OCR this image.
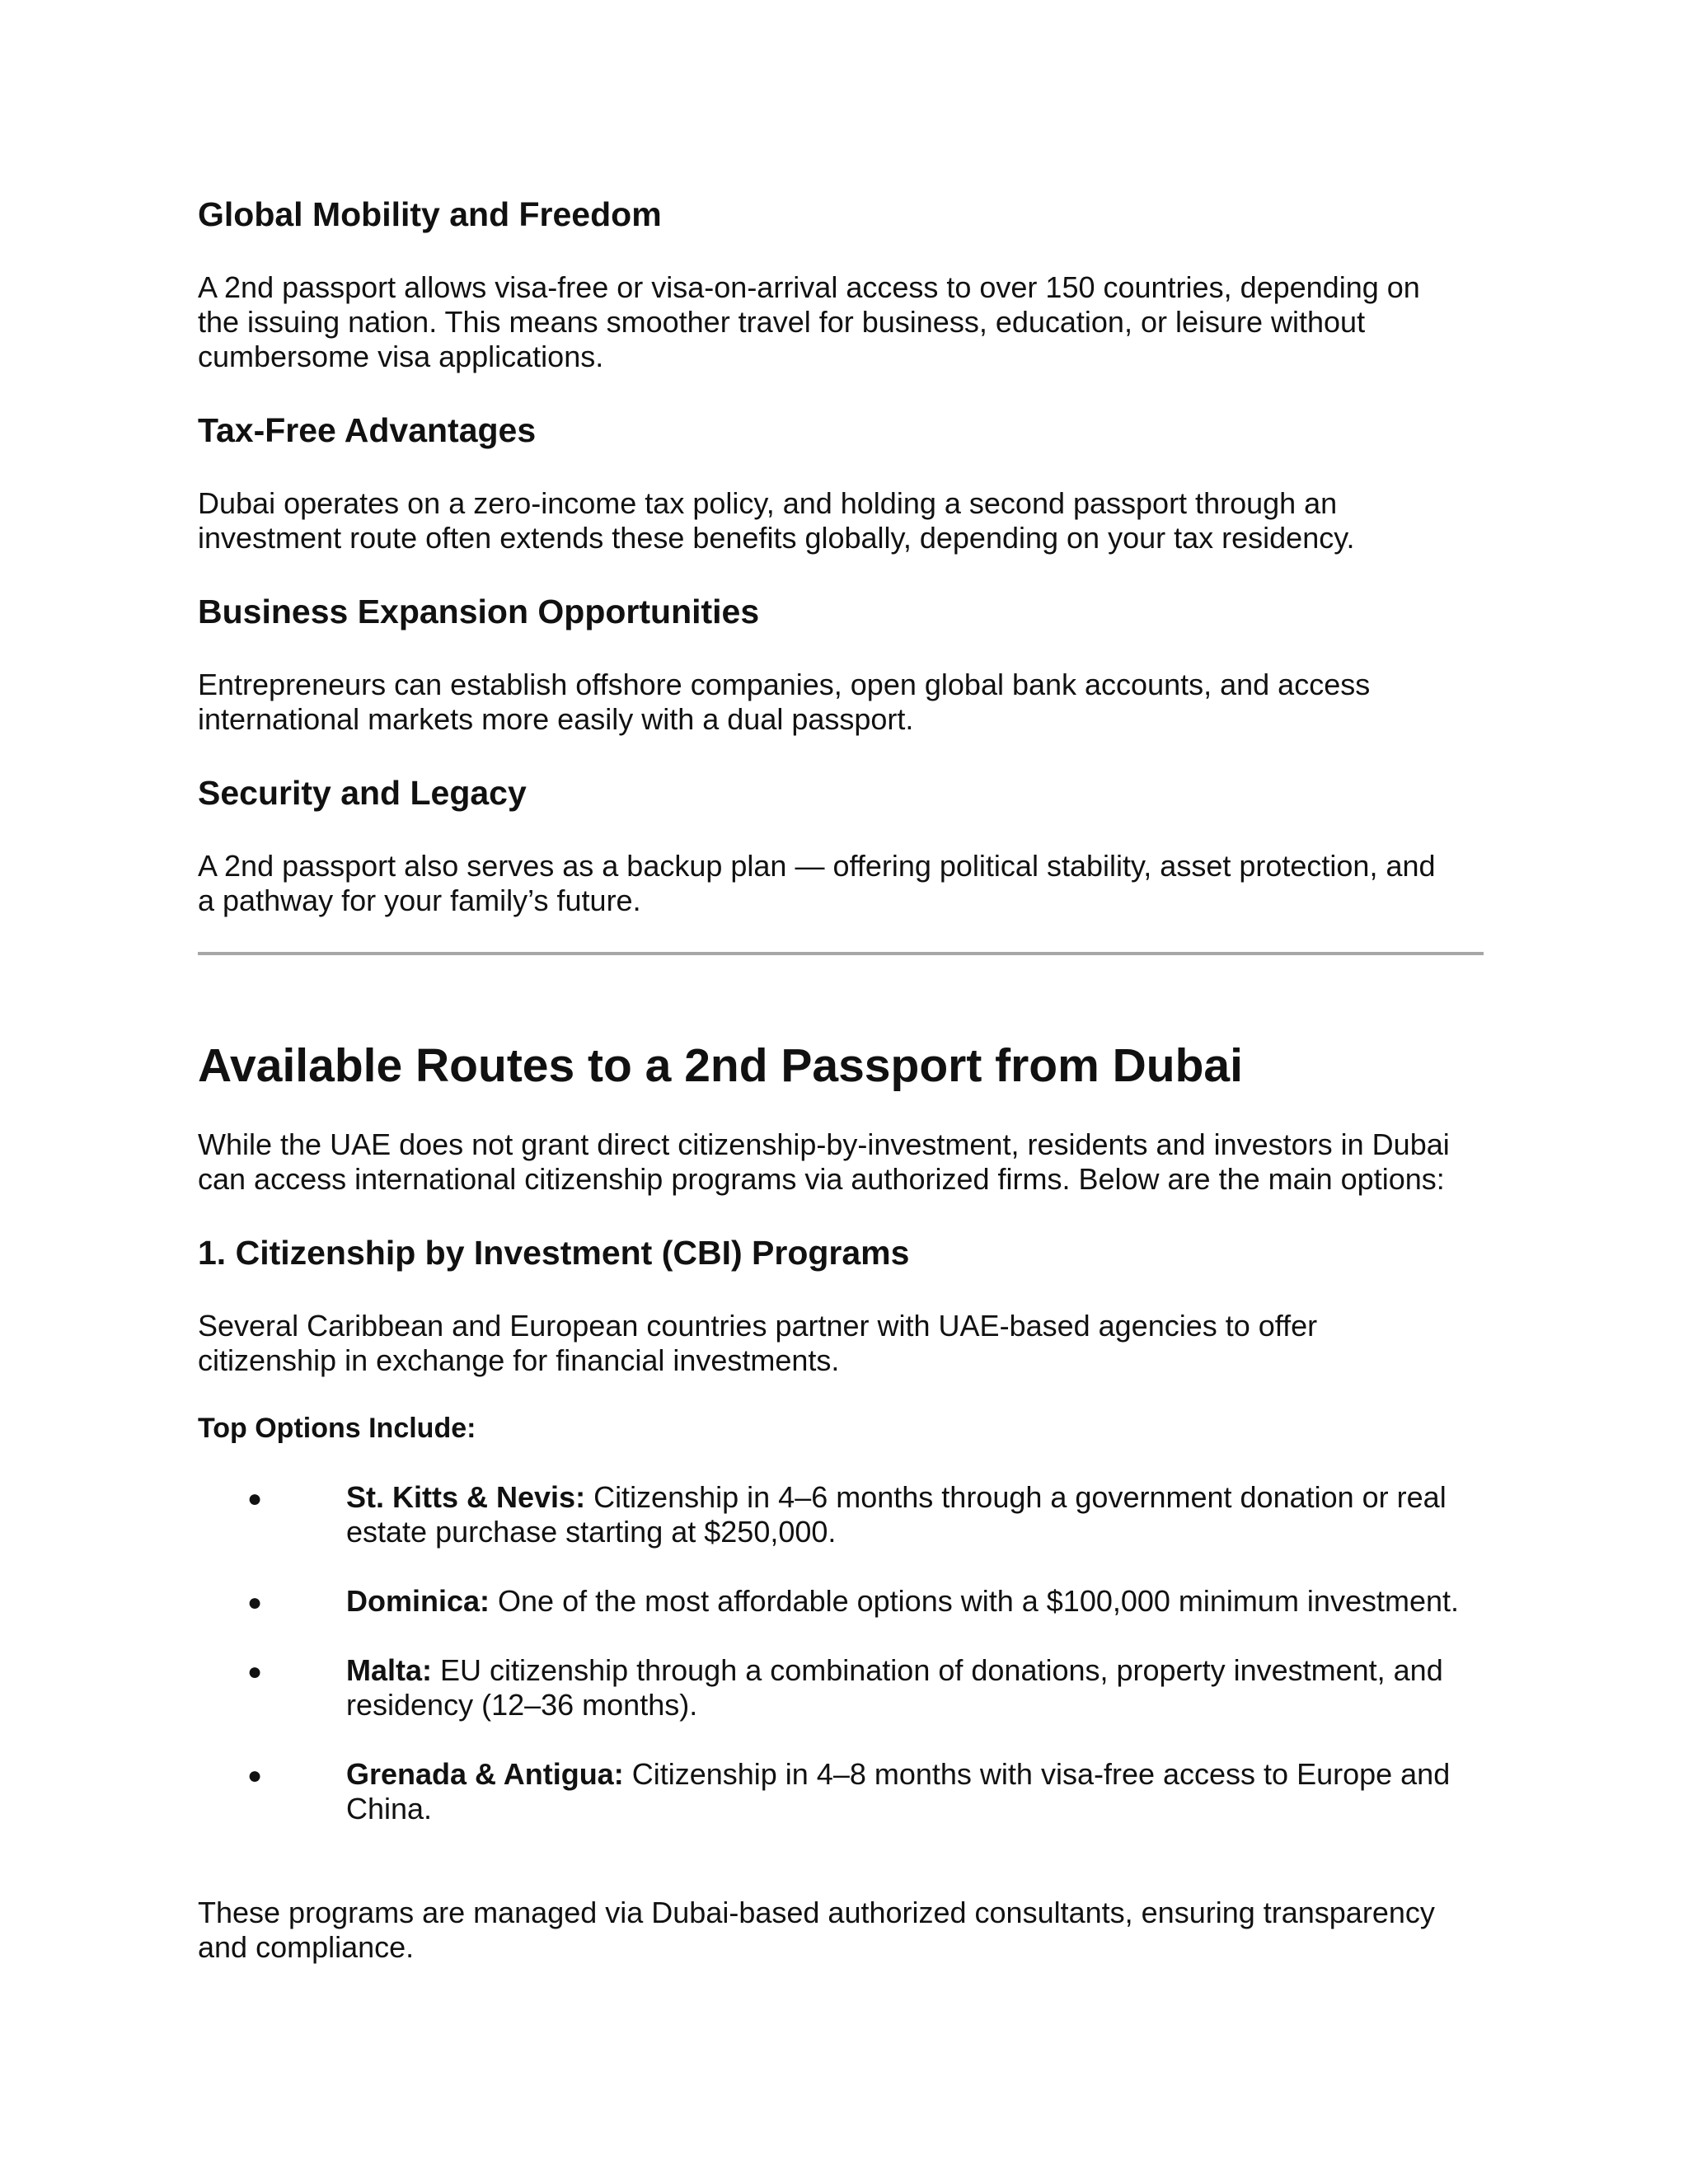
Global Mobility and Freedom

A 2nd passport allows visa-free or visa-on-arrival access to over 150 countries, depending on

the issuing nation. This means smoother travel for business, education, or leisure without

cumbersome visa applications.

Tax-Free Advantages

Dubai operates on a zero-income tax policy, and holding a second passport through an

investment route often extends these benefits globally, depending on your tax residency.

Business Expansion Opportunities

Entrepreneurs can establish offshore companies, open global bank accounts, and access

international markets more easily with a dual passport.

Security and Legacy

A 2nd passport also serves as a backup plan — offering political stability, asset protection, and

a pathway for your family’s future.

Available Routes to a 2nd Passport from Dubai

While the UAE does not grant direct citizenship-by-investment, residents and investors in Dubai

can access international citizenship programs via authorized firms. Below are the main options:

1. Citizenship by Investment (CBI) Programs

Several Caribbean and European countries partner with UAE-based agencies to offer

citizenship in exchange for financial investments.

Top Options Include:

●	St. Kitts & Nevis: Citizenship in 4–6 months through a government donation or real
estate purchase starting at $250,000.
●	Dominica: One of the most affordable options with a $100,000 minimum investment.
●	Malta: EU citizenship through a combination of donations, property investment, and
residency (12–36 months).
●	Grenada & Antigua: Citizenship in 4–8 months with visa-free access to Europe and
China.

These programs are managed via Dubai-based authorized consultants, ensuring transparency

and compliance.
